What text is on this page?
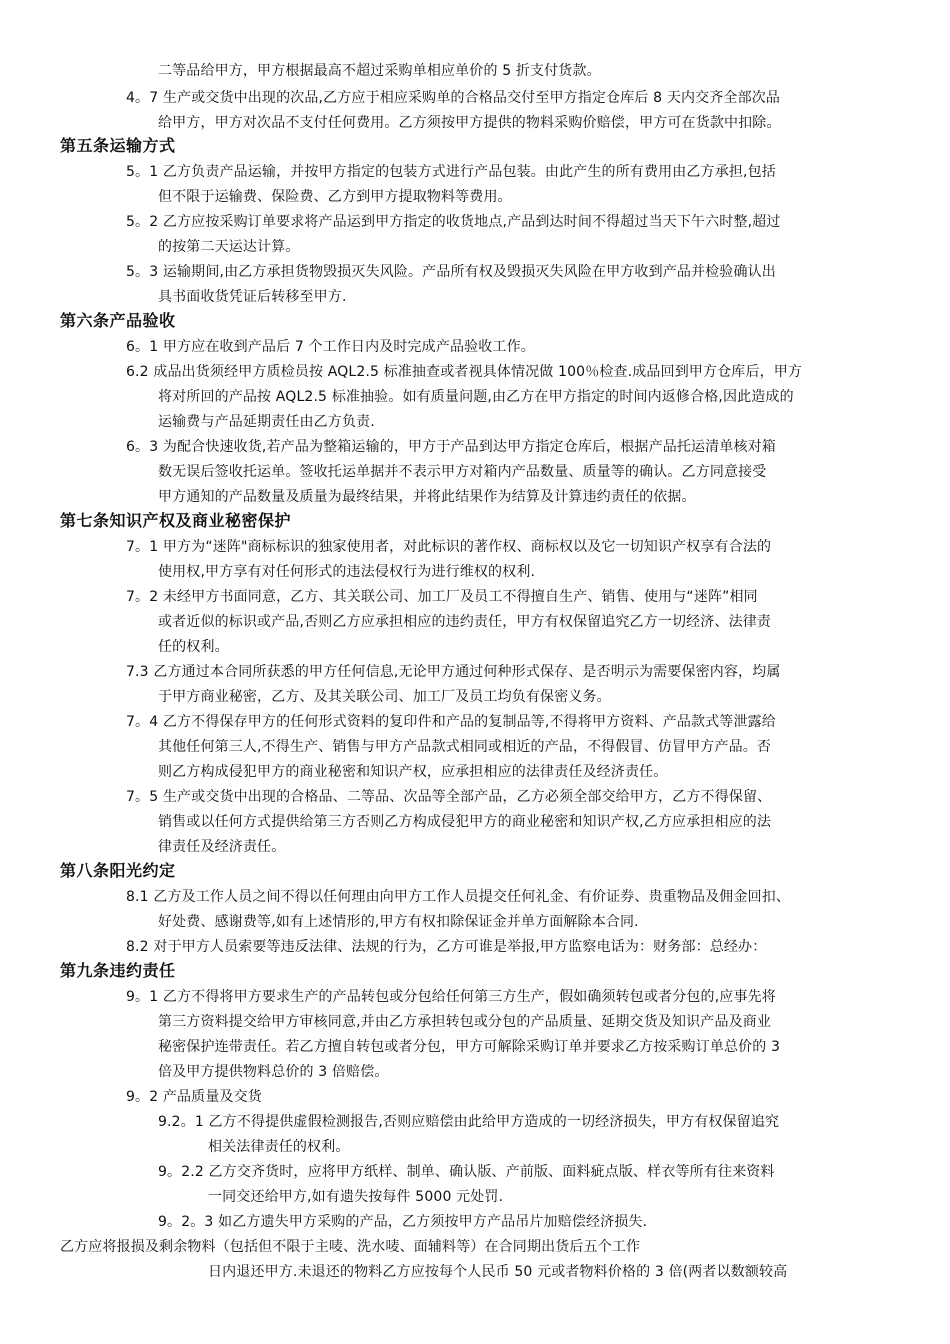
二等品给甲方，甲方根据最高不超过采购单相应单价的 5 折支付货款。
4。7 生产或交货中出现的次品,乙方应于相应采购单的合格品交付至甲方指定仓库后 8 天内交齐全部次品
给甲方，甲方对次品不支付任何费用。乙方须按甲方提供的物料采购价赔偿，甲方可在货款中扣除。
第五条运输方式
5。1 乙方负责产品运输，并按甲方指定的包装方式进行产品包装。由此产生的所有费用由乙方承担,包括
但不限于运输费、保险费、乙方到甲方提取物料等费用。
5。2 乙方应按采购订单要求将产品运到甲方指定的收货地点,产品到达时间不得超过当天下午六时整,超过
的按第二天运达计算。
5。3 运输期间,由乙方承担货物毁损灭失风险。产品所有权及毁损灭失风险在甲方收到产品并检验确认出
具书面收货凭证后转移至甲方.
第六条产品验收
6。1 甲方应在收到产品后 7 个工作日内及时完成产品验收工作。
6.2 成品出货须经甲方质检员按 AQL2.5 标准抽查或者视具体情况做 100％检查.成品回到甲方仓库后，甲方
将对所回的产品按 AQL2.5 标准抽验。如有质量问题,由乙方在甲方指定的时间内返修合格,因此造成的
运输费与产品延期责任由乙方负责.
6。3 为配合快速收货,若产品为整箱运输的，甲方于产品到达甲方指定仓库后，根据产品托运清单核对箱
数无误后签收托运单。签收托运单据并不表示甲方对箱内产品数量、质量等的确认。乙方同意接受
甲方通知的产品数量及质量为最终结果，并将此结果作为结算及计算违约责任的依据。
第七条知识产权及商业秘密保护
7。1 甲方为“迷阵"商标标识的独家使用者，对此标识的著作权、商标权以及它一切知识产权享有合法的
使用权,甲方享有对任何形式的违法侵权行为进行维权的权利.
7。2 未经甲方书面同意，乙方、其关联公司、加工厂及员工不得擅自生产、销售、使用与“迷阵”相同
或者近似的标识或产品,否则乙方应承担相应的违约责任，甲方有权保留追究乙方一切经济、法律责
任的权利。
7.3 乙方通过本合同所获悉的甲方任何信息,无论甲方通过何种形式保存、是否明示为需要保密内容，均属
于甲方商业秘密，乙方、及其关联公司、加工厂及员工均负有保密义务。
7。4 乙方不得保存甲方的任何形式资料的复印件和产品的复制品等,不得将甲方资料、产品款式等泄露给
其他任何第三人,不得生产、销售与甲方产品款式相同或相近的产品，不得假冒、仿冒甲方产品。否
则乙方构成侵犯甲方的商业秘密和知识产权，应承担相应的法律责任及经济责任。
7。5 生产或交货中出现的合格品、二等品、次品等全部产品，乙方必须全部交给甲方，乙方不得保留、
销售或以任何方式提供给第三方否则乙方构成侵犯甲方的商业秘密和知识产权,乙方应承担相应的法
律责任及经济责任。
第八条阳光约定
8.1 乙方及工作人员之间不得以任何理由向甲方工作人员提交任何礼金、有价证券、贵重物品及佣金回扣、
好处费、感谢费等,如有上述情形的,甲方有权扣除保证金并单方面解除本合同.
8.2 对于甲方人员索要等违反法律、法规的行为，乙方可谁是举报,甲方监察电话为：财务部：总经办：
第九条违约责任
9。1 乙方不得将甲方要求生产的产品转包或分包给任何第三方生产，假如确须转包或者分包的,应事先将
第三方资料提交给甲方审核同意,并由乙方承担转包或分包的产品质量、延期交货及知识产品及商业
秘密保护连带责任。若乙方擅自转包或者分包，甲方可解除采购订单并要求乙方按采购订单总价的 3
倍及甲方提供物料总价的 3 倍赔偿。
9。2 产品质量及交货
9.2。1 乙方不得提供虚假检测报告,否则应赔偿由此给甲方造成的一切经济损失，甲方有权保留追究
相关法律责任的权利。
9。2.2 乙方交齐货时，应将甲方纸样、制单、确认版、产前版、面料疵点版、样衣等所有往来资料
一同交还给甲方,如有遗失按每件 5000 元处罚.
9。2。3 如乙方遗失甲方采购的产品，乙方须按甲方产品吊片加赔偿经济损失.
乙方应将报损及剩余物料（包括但不限于主唛、洗水唛、面辅料等）在合同期出货后五个工作
日内退还甲方.未退还的物料乙方应按每个人民币 50 元或者物料价格的 3 倍(两者以数额较高
